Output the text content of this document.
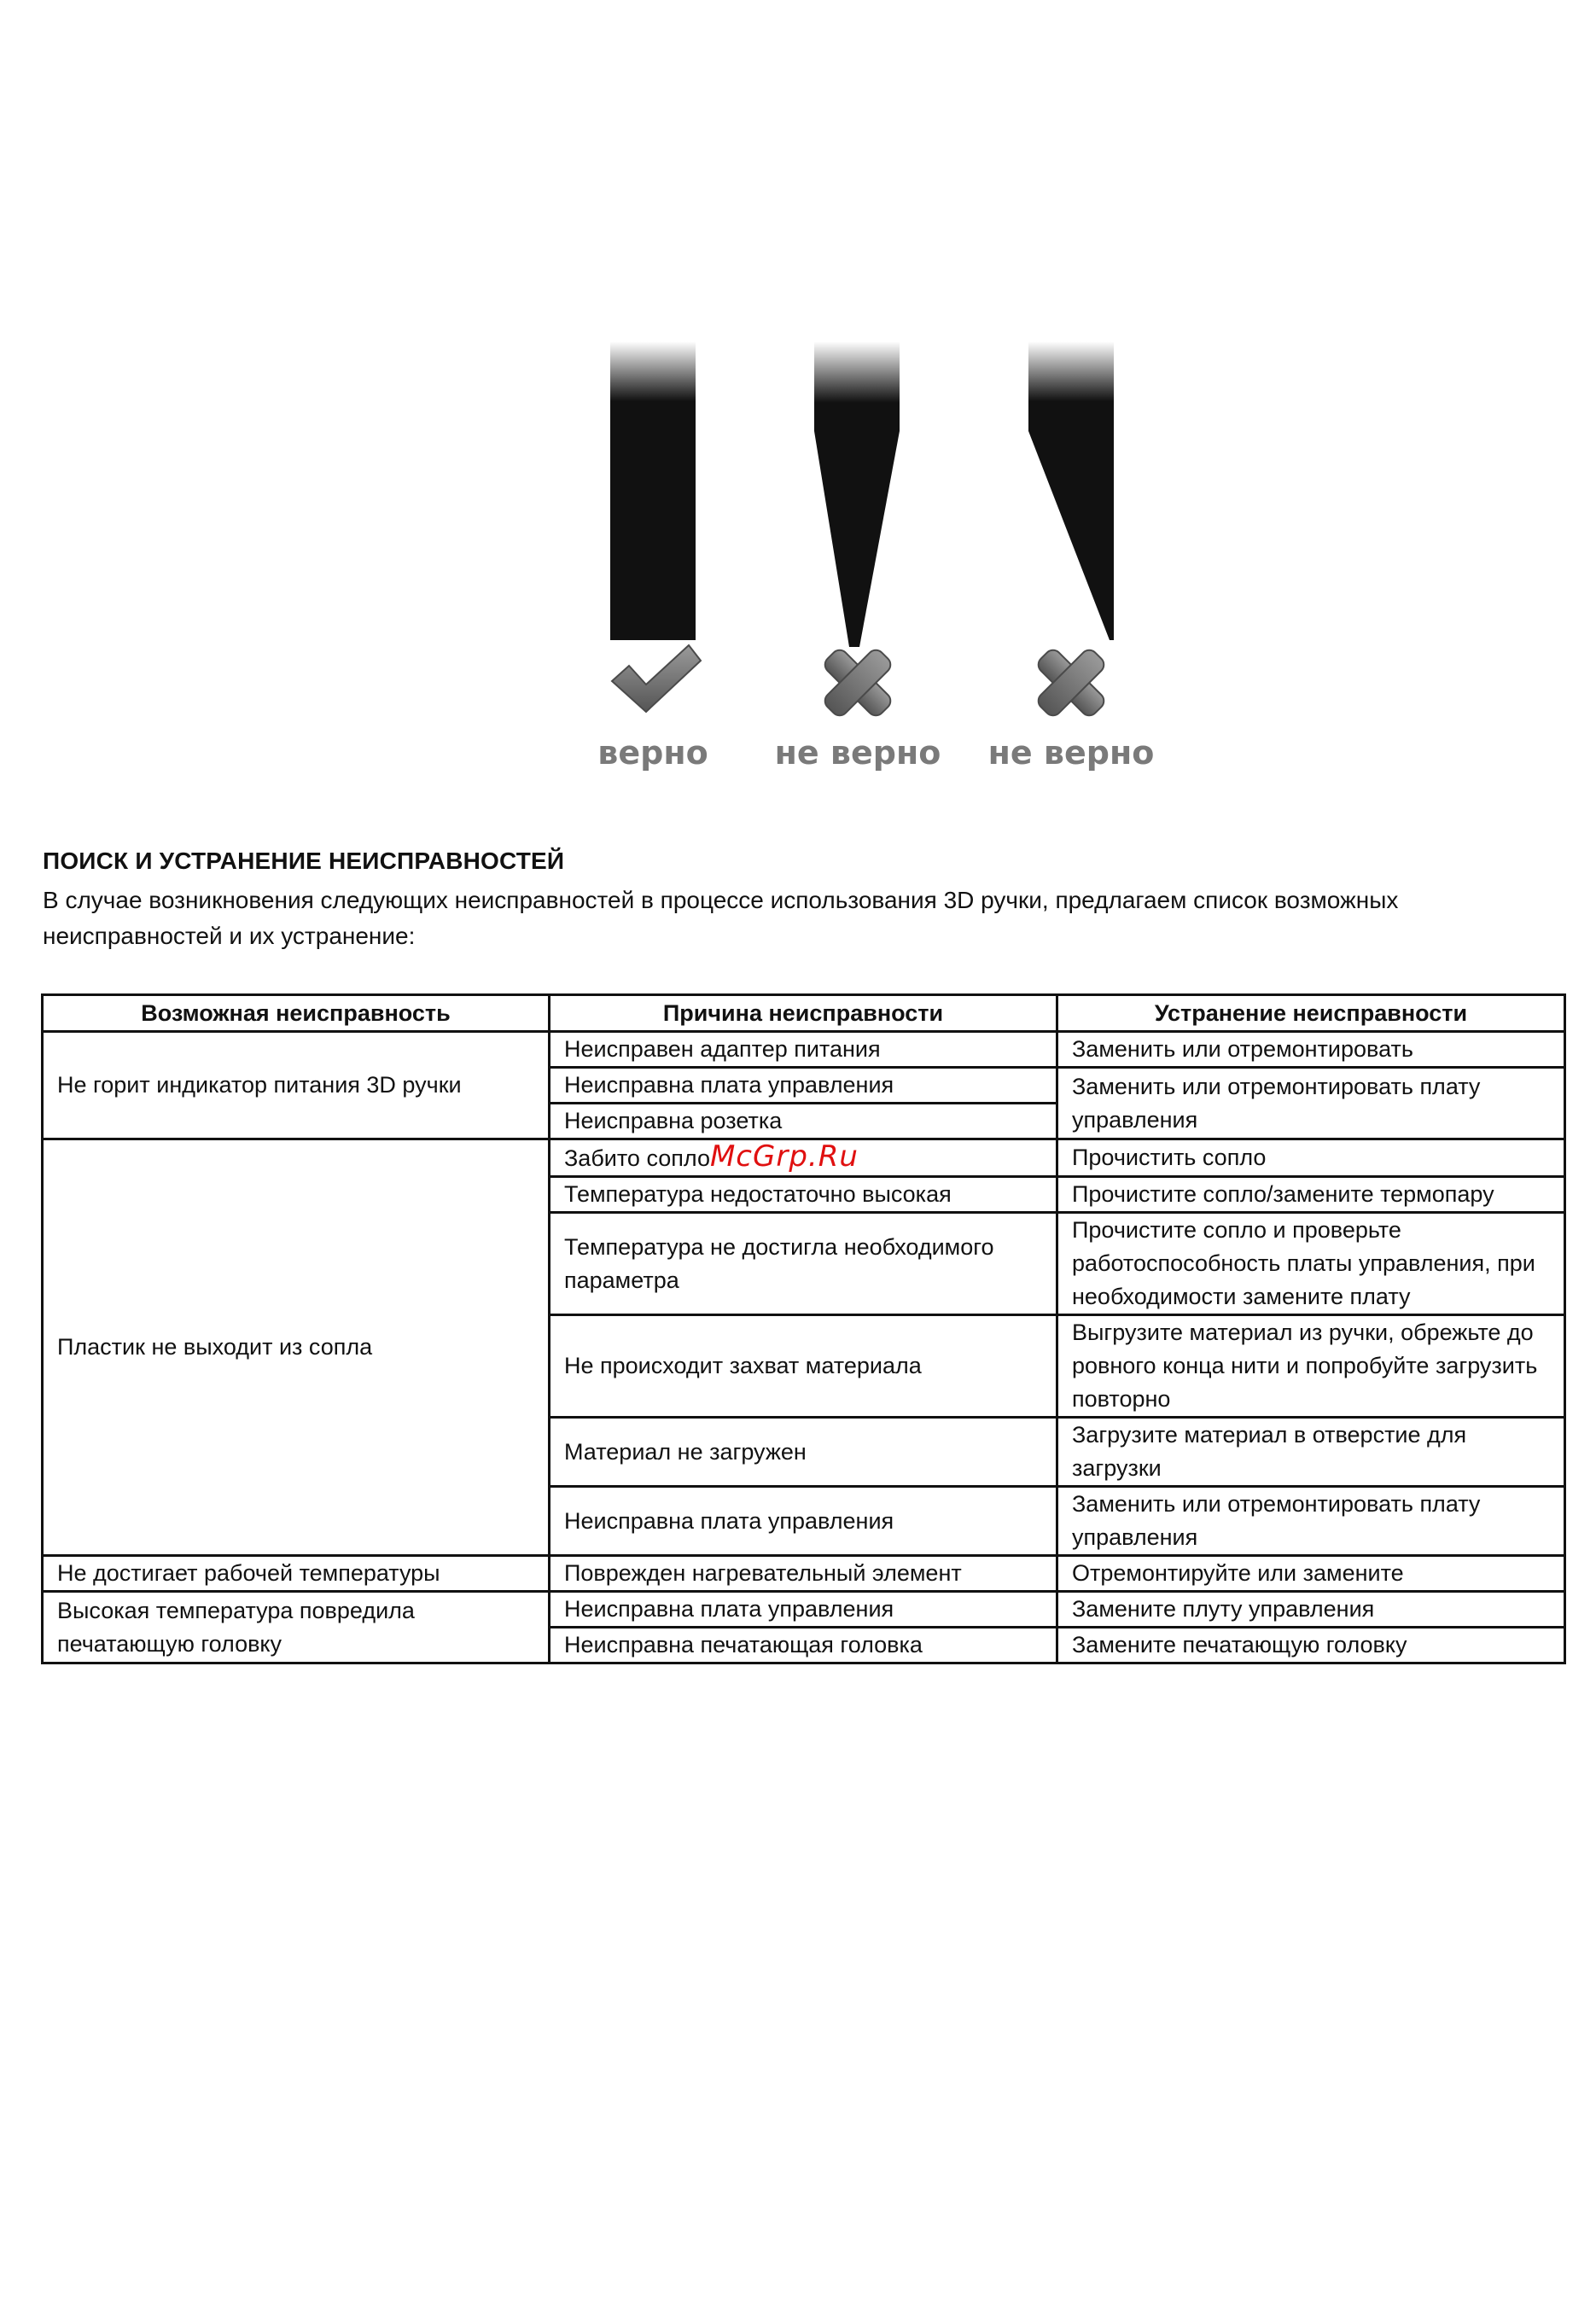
верно не верно не верно
ПОИСК И УСТРАНЕНИЕ НЕИСПРАВНОСТЕЙ
В случае возникновения следующих неисправностей в процессе использования 3D ручки, предлагаем список возможных неисправностей и их устранение:
Возможная неисправность	Причина неисправности	Устранение неисправности
Не горит индикатор питания 3D ручки	Неисправен адаптер питания	Заменить или отремонтировать
	Неисправна плата управления	Заменить или отремонтировать плату управления
	Неисправна розетка	
Пластик не выходит из сопла	Забито соплоMcGrp.Ru	Прочистить сопло
	Температура недостаточно высокая	Прочистите сопло/замените термопару
	Температура не достигла необходимого параметра	Прочистите сопло и проверьте работоспособность платы управления, при необходимости замените плату
	Не происходит захват материала	Выгрузите материал из ручки, обрежьте до ровного конца нити и попробуйте загрузить повторно
	Материал не загружен	Загрузите материал в отверстие для загрузки
	Неисправна плата управления	Заменить или отремонтировать плату управления
Не достигает рабочей температуры	Поврежден нагревательный элемент	Отремонтируйте или замените
Высокая температура повредила печатающую головку	Неисправна плата управления	Замените плуту управления
	Неисправна печатающая головка	Замените печатающую головку
